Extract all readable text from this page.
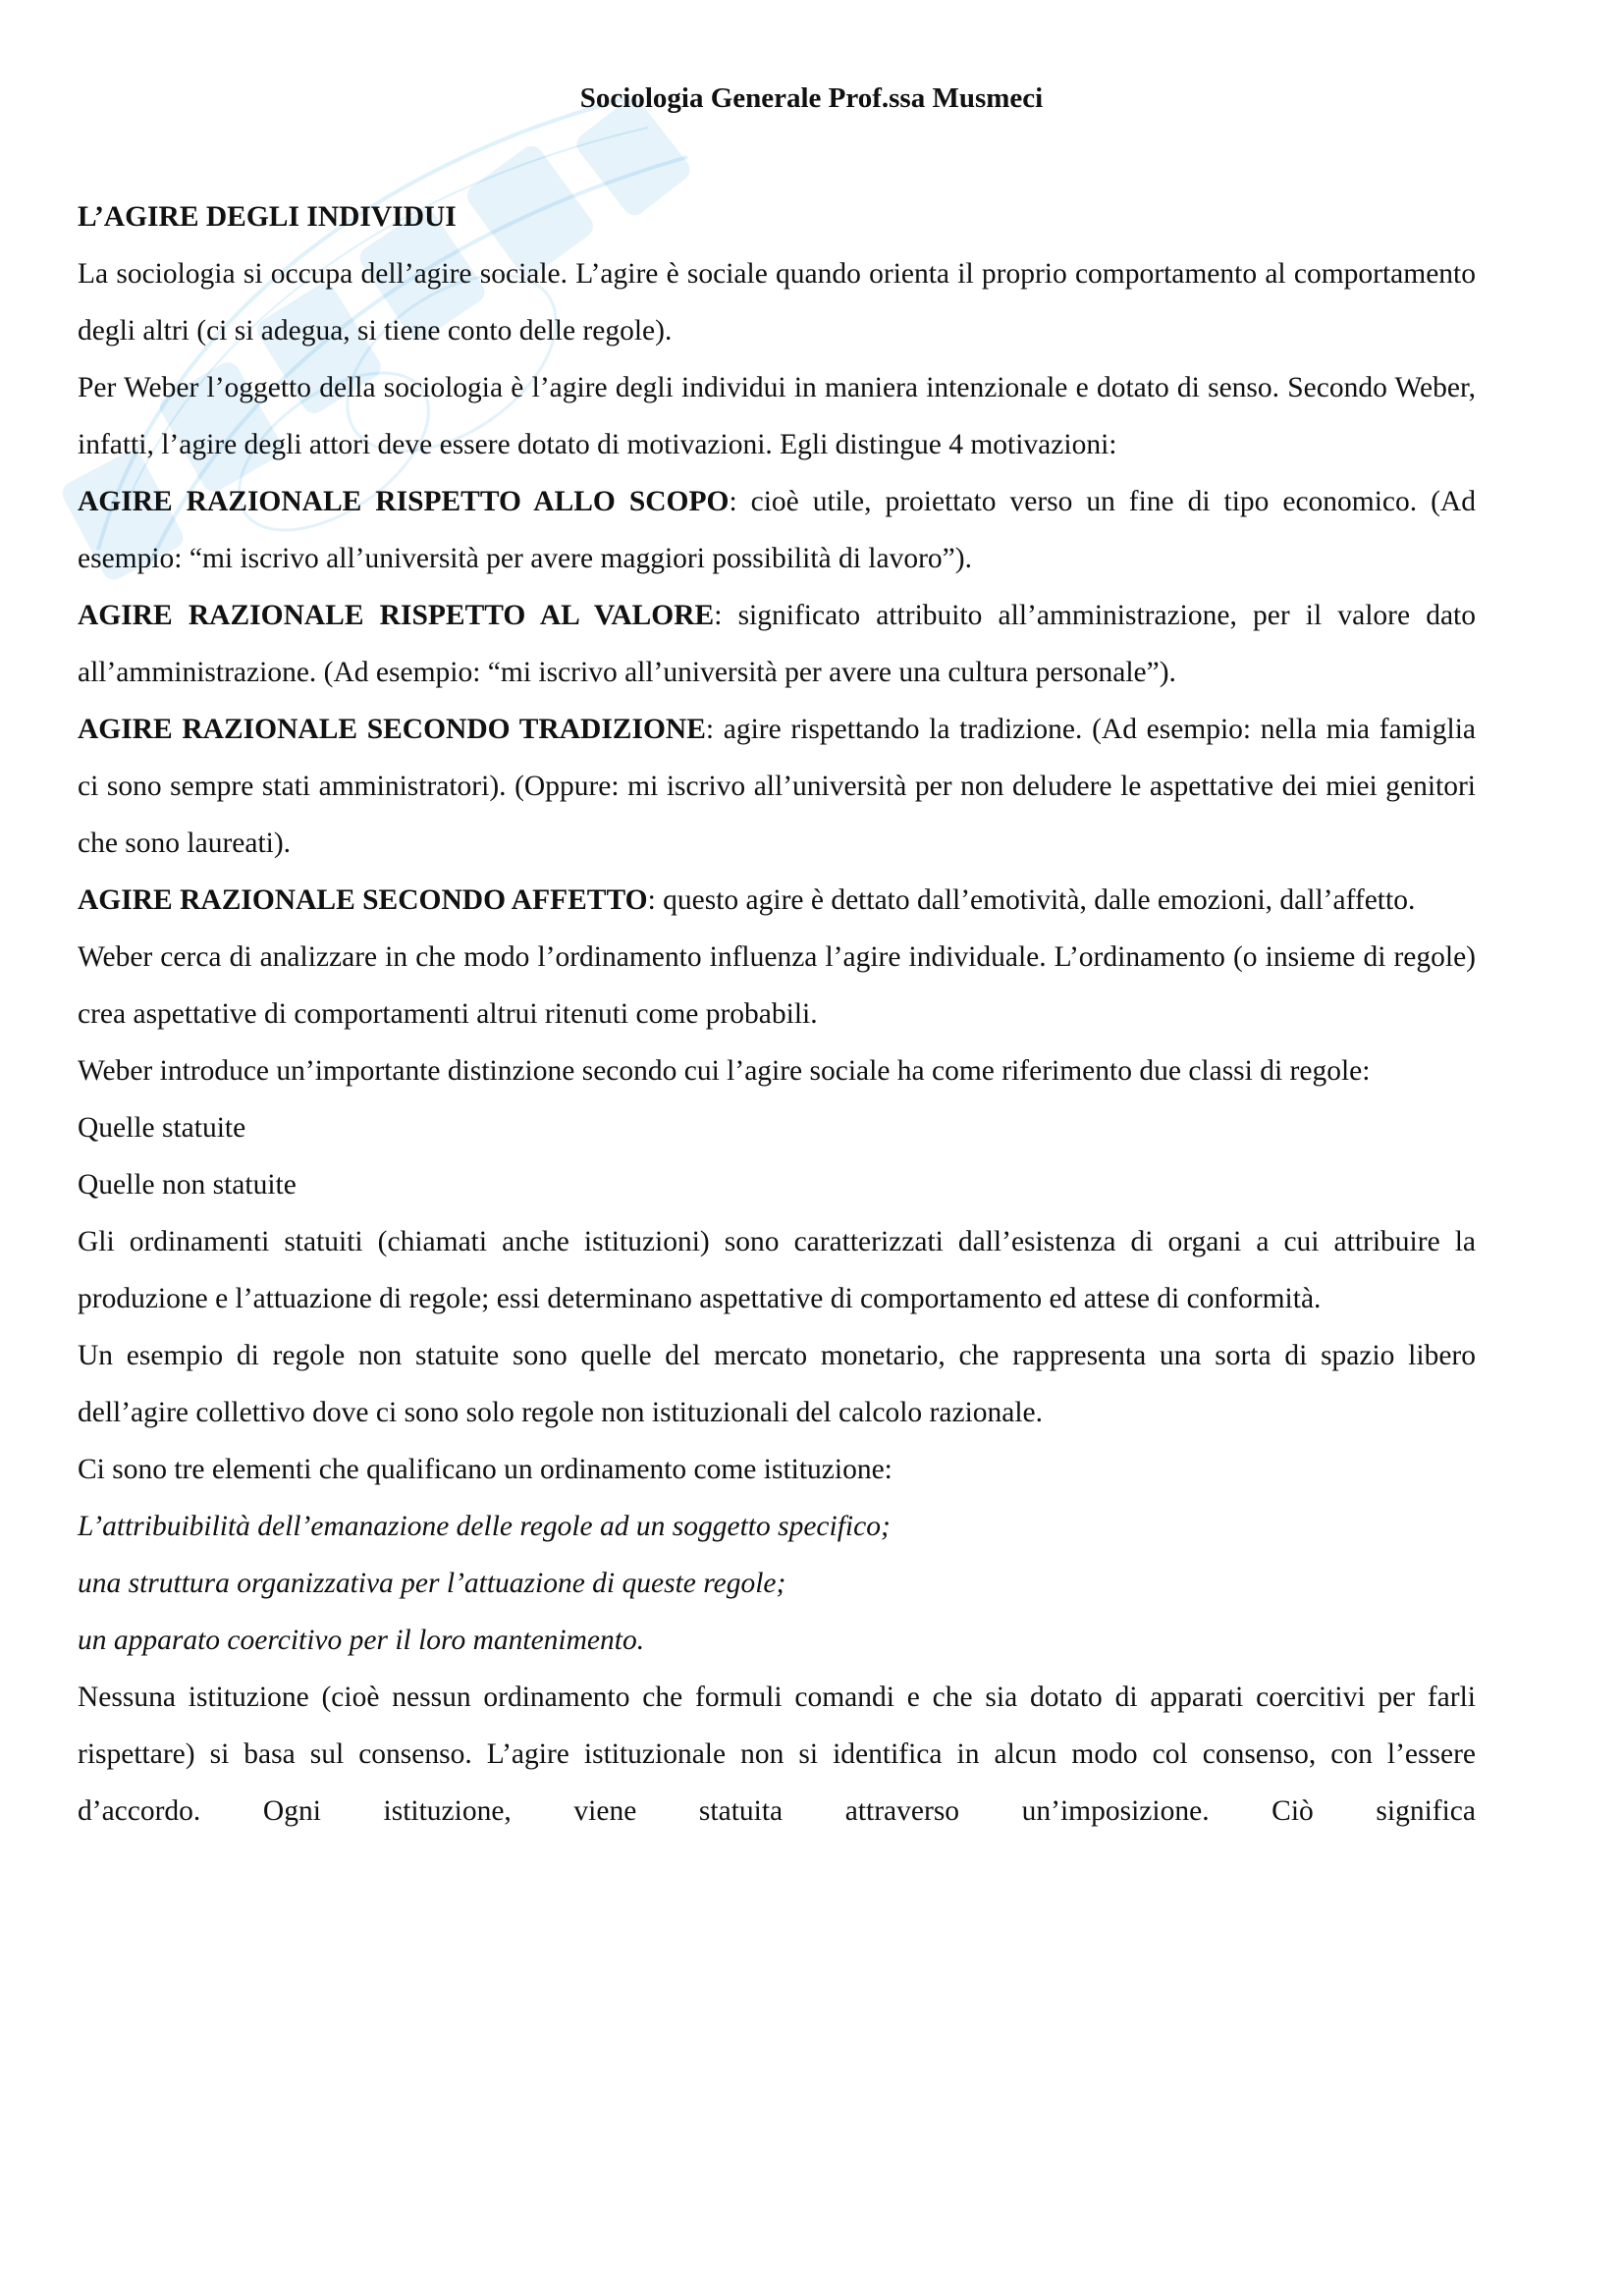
Sociologia Generale Prof.ssa Musmeci

L’AGIRE DEGLI INDIVIDUI

La sociologia si occupa dell’agire sociale. L’agire è sociale quando orienta il proprio comportamento al comportamento degli altri (ci si adegua, si tiene conto delle regole).

Per Weber l’oggetto della sociologia è l’agire degli individui in maniera intenzionale e dotato di senso. Secondo Weber, infatti, l’agire degli attori deve essere dotato di motivazioni. Egli distingue 4 motivazioni:

AGIRE RAZIONALE RISPETTO ALLO SCOPO: cioè utile, proiettato verso un fine di tipo economico. (Ad esempio: “mi iscrivo all’università per avere maggiori possibilità di lavoro”).

AGIRE RAZIONALE RISPETTO AL VALORE: significato attribuito all’amministrazione, per il valore dato all’amministrazione. (Ad esempio: “mi iscrivo all’università per avere una cultura personale”).

AGIRE RAZIONALE SECONDO TRADIZIONE: agire rispettando la tradizione. (Ad esempio: nella mia famiglia ci sono sempre stati amministratori). (Oppure: mi iscrivo all’università per non deludere le aspettative dei miei genitori che sono laureati).

AGIRE RAZIONALE SECONDO AFFETTO: questo agire è dettato dall’emotività, dalle emozioni, dall’affetto.

Weber cerca di analizzare in che modo l’ordinamento influenza l’agire individuale. L’ordinamento (o insieme di regole) crea aspettative di comportamenti altrui ritenuti come probabili.

Weber introduce un’importante distinzione secondo cui l’agire sociale ha come riferimento due classi di regole:

Quelle statuite

Quelle non statuite

Gli ordinamenti statuiti (chiamati anche istituzioni) sono caratterizzati dall’esistenza di organi a cui attribuire la produzione e l’attuazione di regole; essi determinano aspettative di comportamento ed attese di conformità.

Un esempio di regole non statuite sono quelle del mercato monetario, che rappresenta una sorta di spazio libero dell’agire collettivo dove ci sono solo regole non istituzionali del calcolo razionale.

Ci sono tre elementi che qualificano un ordinamento come istituzione:

L’attribuibilità dell’emanazione delle regole ad un soggetto specifico;

una struttura organizzativa per l’attuazione di queste regole;

un apparato coercitivo per il loro mantenimento.

Nessuna istituzione (cioè nessun ordinamento che formuli comandi e che sia dotato di apparati coercitivi per farli rispettare) si basa sul consenso. L’agire istituzionale non si identifica in alcun modo col consenso, con l’essere d’accordo. Ogni istituzione, viene statuita attraverso un’imposizione. Ciò significa
